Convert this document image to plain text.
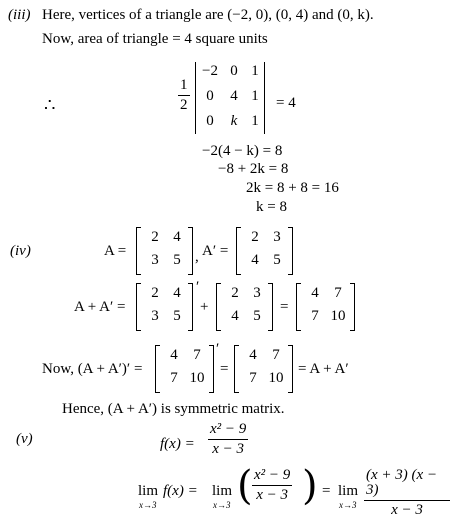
(iii) Here, vertices of a triangle are (−2, 0), (0, 4) and (0, k).
Now, area of triangle = 4 square units
∴	$\frac{1}{2}$
−2 0 1
0	4 1
0	k 1
= 4
−2(4 − k) = 8
−8 + 2k = 8
2k = 8 + 8 = 16
k = 8
(iv)	A =
2 4
3 5 , A′ =
2 3
4 5
A + A′ =
2 4
3 5
′
+
2 3
4 5
=
4	7
7 10
Now, (A + A′)′ =
4	7
7 10
′
=
4	7
7 10
= A + A′
Hence, (A + A′) is symmetric matrix.
(v)	$f(x) = \frac{\text{x² − 9}}{x - 3}$
lim
x→3
f(x) = lim
x→3 ( $\frac{\text{x² − 9}}{x - 3}$ ) = lim
$x\to 3 \frac{(x + 3) (x - 3)}{x - 3}$
